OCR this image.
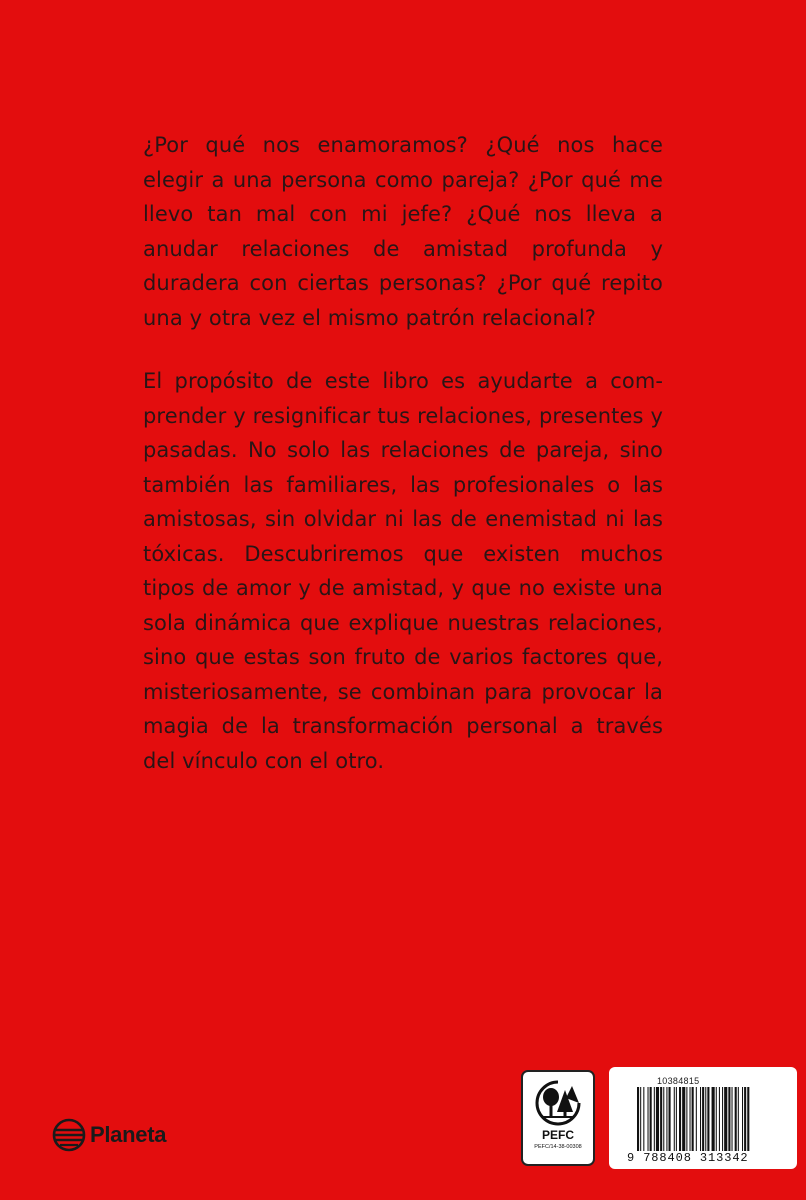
¿Por qué nos enamoramos? ¿Qué nos hace elegir a una persona como pareja? ¿Por qué me llevo tan mal con mi jefe? ¿Qué nos lleva a anudar relaciones de amistad profunda y duradera con ciertas personas? ¿Por qué repito una y otra vez el mismo patrón relacional?

El propósito de este libro es ayudarte a comprender y resignificar tus relaciones, presentes y pasadas. No solo las relaciones de pareja, sino también las familiares, las profesionales o las amistosas, sin olvidar ni las de enemistad ni las tóxicas. Descubriremos que existen muchos tipos de amor y de amistad, y que no existe una sola dinámica que explique nuestras relaciones, sino que estas son fruto de varios factores que, misteriosamente, se combinan para provocar la magia de la transformación personal a través del vínculo con el otro.

Planeta	PEFC
PEFC/14-38-00308
10384815
9 788408 313342
